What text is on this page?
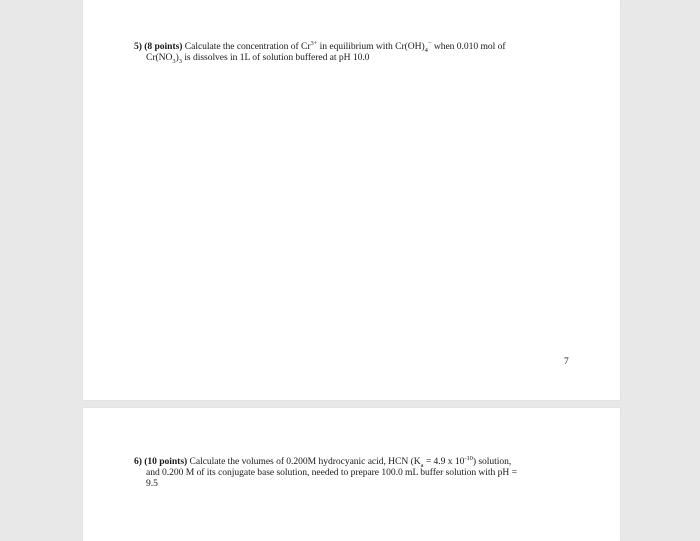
5) (8 points) Calculate the concentration of $Cr^{3+}$ in equilibrium with $Cr(OH)_4^-$ when 0.010 mol of
$Cr(NO_3)_3$ is dissolves in 1L of solution buffered at pH 10.0
7
6) (10 points) Calculate the volumes of 0.200M hydrocyanic acid, HCN ($K_a = 4.9$ x $10^{-10}$) solution,
and 0.200 M of its conjugate base solution, needed to prepare 100.0 mL buffer solution with pH =
9.5
